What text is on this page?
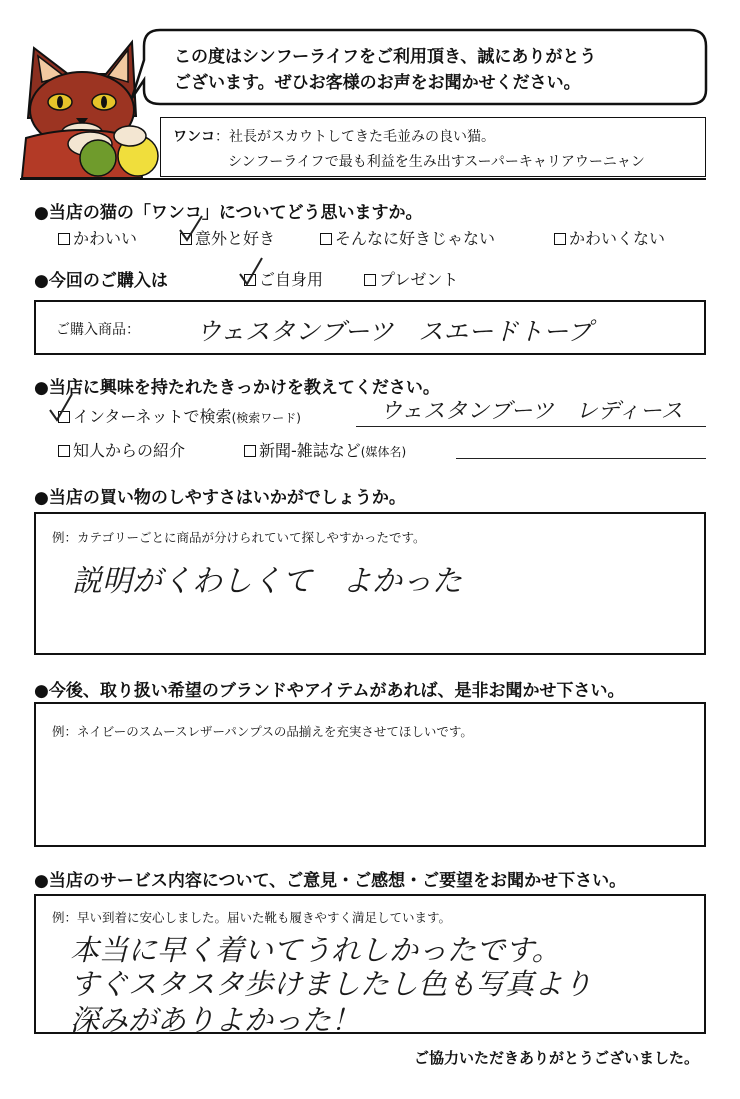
この度はシンフーライフをご利用頂き、誠にありがとう
ございます。ぜひお客様のお声をお聞かせください。
ワンコ：社長がスカウトしてきた毛並みの良い猫。
シンフーライフで最も利益を生み出すスーパーキャリアウーニャン
●当店の猫の「ワンコ」についてどう思いますか。
かわいい	意外と好き	そんなに好きじゃない	かわいくない
●今回のご購入は	ご自身用	プレゼント
ご購入商品： ウェスタンブーツ　スエードトープ
●当店に興味を持たれたきっかけを教えてください。
インターネットで検索(検索ワード)	ウェスタンブーツ　レディース
知人からの紹介	新聞-雑誌など(媒体名)
●当店の買い物のしやすさはいかがでしょうか。
例：カテゴリーごとに商品が分けられていて探しやすかったです。
説明がくわしくて　よかった
●今後、取り扱い希望のブランドやアイテムがあれば、是非お聞かせ下さい。
例：ネイビーのスムースレザーパンプスの品揃えを充実させてほしいです。
●当店のサービス内容について、ご意見・ご感想・ご要望をお聞かせ下さい。
例：早い到着に安心しました。届いた靴も履きやすく満足しています。
本当に早く着いてうれしかったです。
すぐスタスタ歩けましたし色も写真より
深みがありよかった！
ご協力いただきありがとうございました。
